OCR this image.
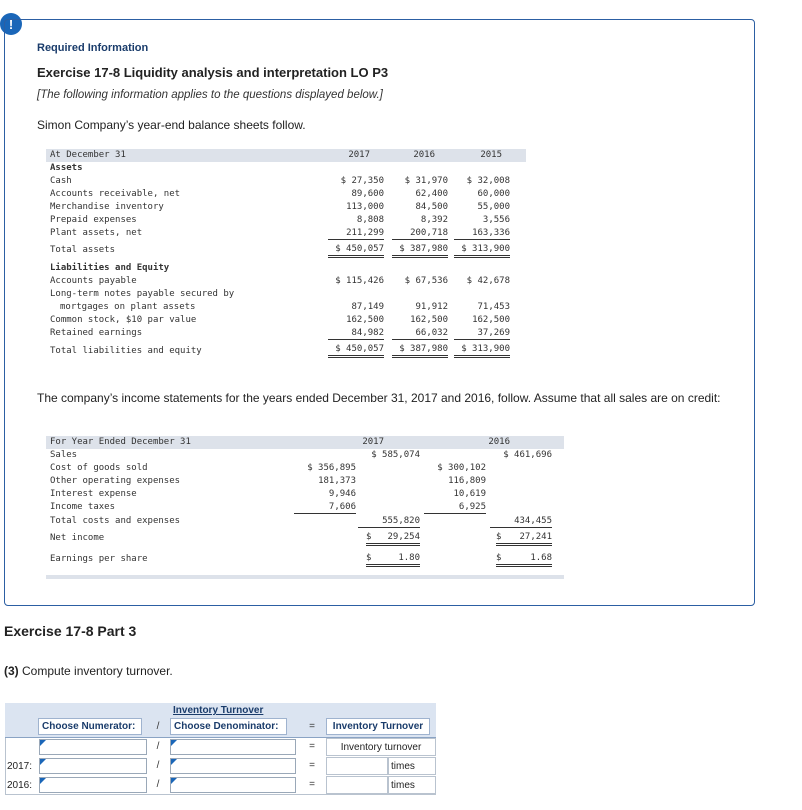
!
Required Information
Exercise 17-8 Liquidity analysis and interpretation LO P3

[The following information applies to the questions displayed below.]

Simon Company’s year-end balance sheets follow.

At December 31	2017	2016	2015
Assets
Cash	$ 27,350	$ 31,970	$ 32,008
Accounts receivable, net	89,600	62,400	60,000
Merchandise inventory	113,000	84,500	55,000
Prepaid expenses	8,808	8,392	3,556
Plant assets, net	211,299	200,718	163,336
Total assets	$ 450,057	$ 387,980	$ 313,900
Liabilities and Equity
Accounts payable	$ 115,426	$ 67,536	$ 42,678
Long-term notes payable secured by
mortgages on plant assets	87,149	91,912	71,453
Common stock, $10 par value	162,500	162,500	162,500
Retained earnings	84,982	66,032	37,269
Total liabilities and equity	$ 450,057	$ 387,980	$ 313,900

The company’s income statements for the years ended December 31, 2017 and 2016, follow. Assume that all sales are on credit:

For Year Ended December 31	2017	2016
Sales	$ 585,074	$ 461,696
Cost of goods sold	$ 356,895	$ 300,102
Other operating expenses	181,373	116,809
Interest expense	9,946	10,619
Income taxes	7,606	6,925
Total costs and expenses	555,820	434,455
Net income	$ 29,254	$ 27,241
Earnings per share	$	1.80	$	1.68
Exercise 17-8 Part 3

(3) Compute inventory turnover.

Inventory Turnover
Choose Numerator:	/	Choose Denominator:	=	Inventory Turnover
/	=	Inventory turnover
2017:	/	=	times
2016:	/	=	times
